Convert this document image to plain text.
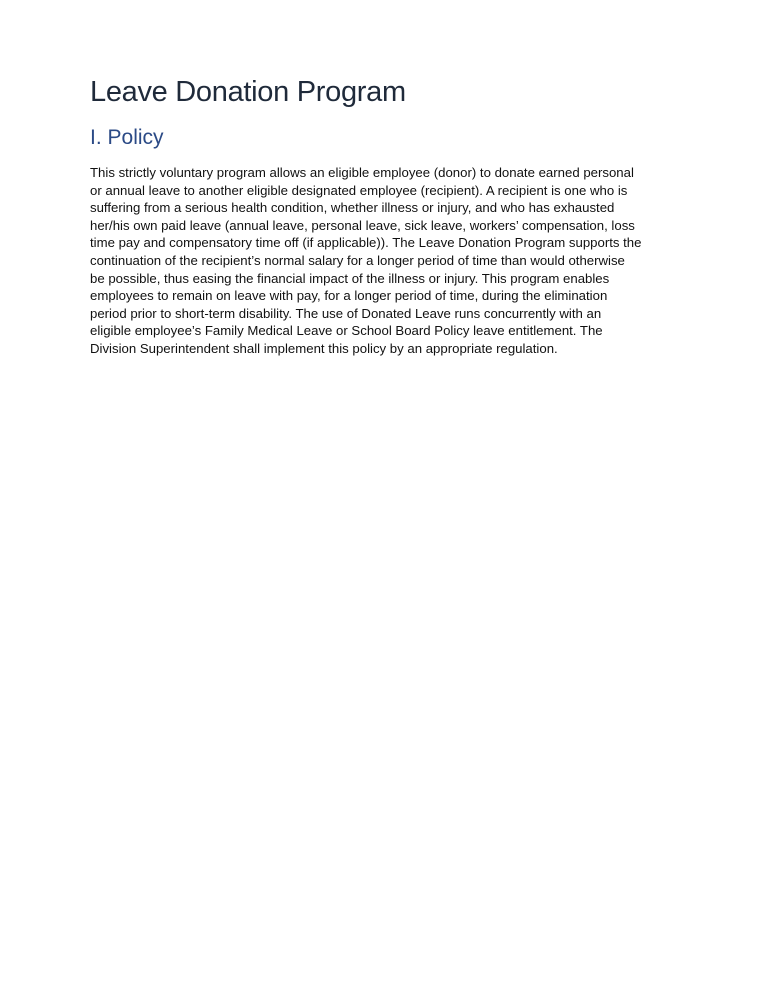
Leave Donation Program
I. Policy

This strictly voluntary program allows an eligible employee (donor) to donate earned personal
or annual leave to another eligible designated employee (recipient). A recipient is one who is
suffering from a serious health condition, whether illness or injury, and who has exhausted
her/his own paid leave (annual leave, personal leave, sick leave, workers’ compensation, loss
time pay and compensatory time off (if applicable)). The Leave Donation Program supports the
continuation of the recipient’s normal salary for a longer period of time than would otherwise
be possible, thus easing the financial impact of the illness or injury. This program enables
employees to remain on leave with pay, for a longer period of time, during the elimination
period prior to short-term disability. The use of Donated Leave runs concurrently with an
eligible employee’s Family Medical Leave or School Board Policy leave entitlement. The
Division Superintendent shall implement this policy by an appropriate regulation.
